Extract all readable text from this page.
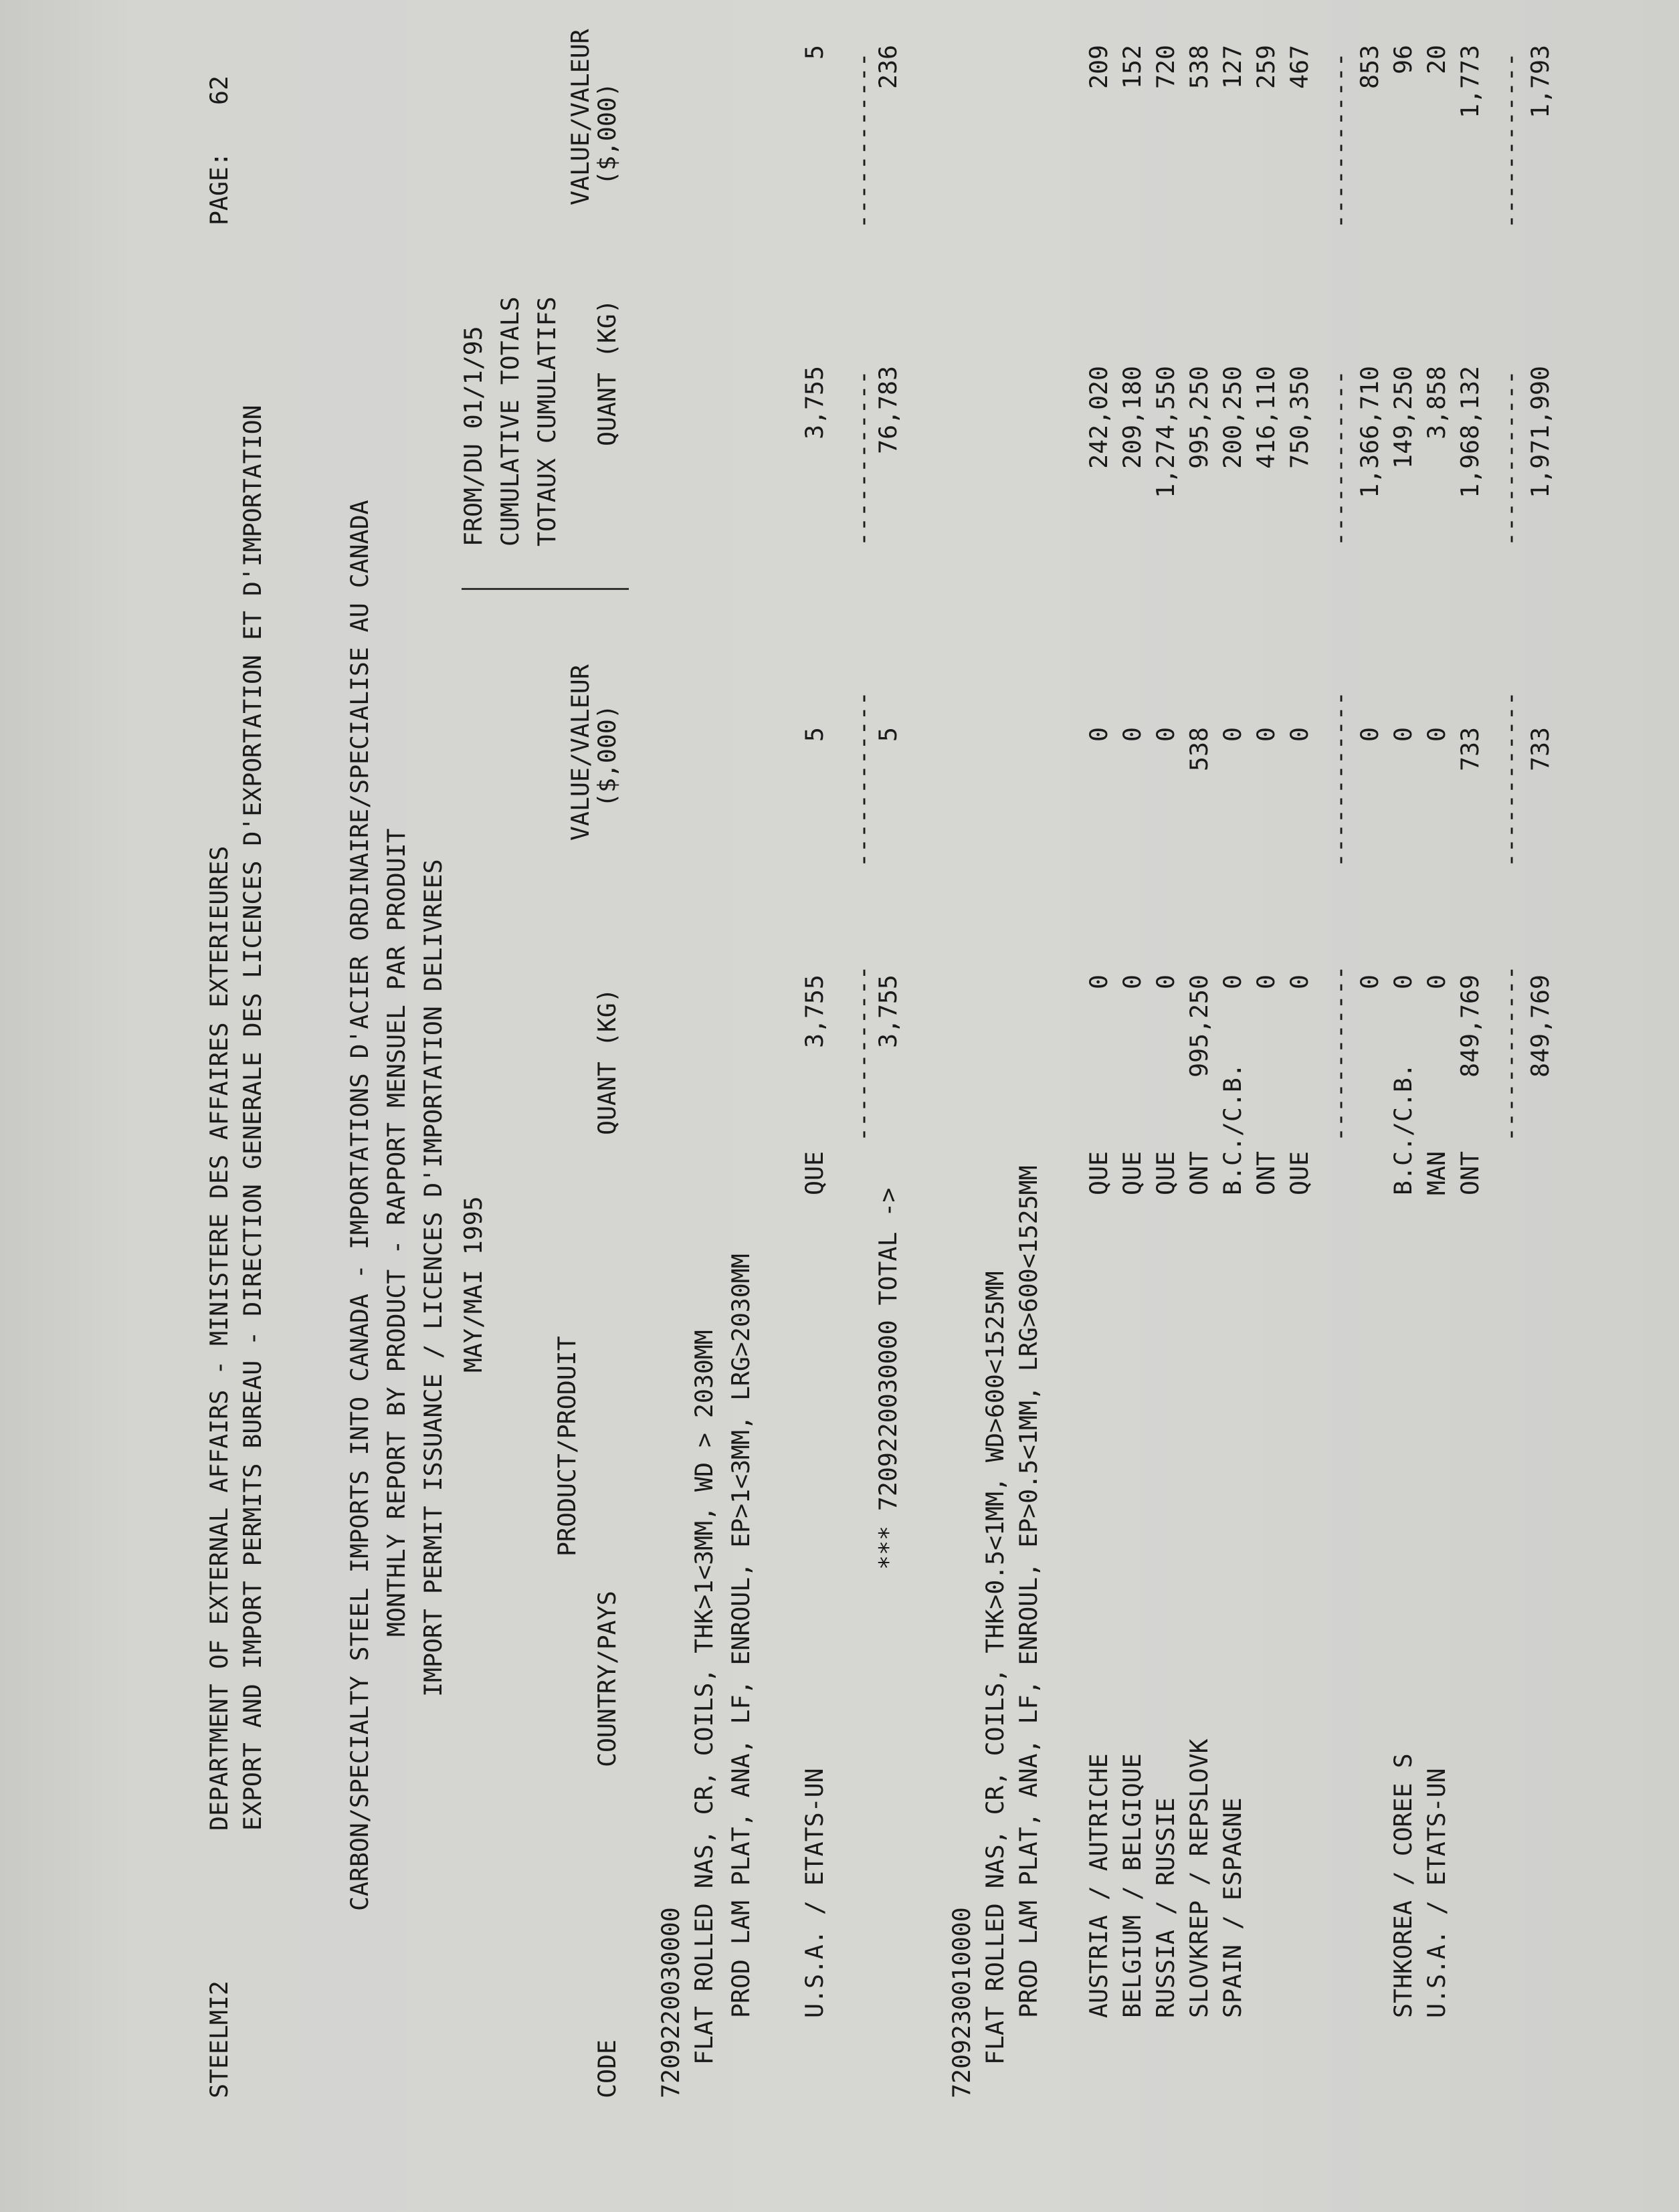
STEELMI2
DEPARTMENT OF EXTERNAL AFFAIRS - MINISTERE DES AFFAIRES EXTERIEURES EXPORT AND IMPORT PERMITS BUREAU - DIRECTION GENERALE DES LICENCES D'EXPORTATION ET D'IMPORTATION
PAGE:
62
CARBON/SPECIALTY STEEL IMPORTS INTO CANADA - IMPORTATIONS D'ACIER ORDINAIRE/SPECIALISE AU CANADA MONTHLY REPORT BY PRODUCT - RAPPORT MENSUEL PAR PRODUIT IMPORT PERMIT ISSUANCE / LICENCES D'IMPORTATION DELIVREES MAY/MAI 1995
FROM/DU 01/1/95 CUMULATIVE TOTALS TOTAUX CUMULATIFS
PRODUCT/PRODUIT
VALUE/VALEUR
VALUE/VALEUR
CODE
COUNTRY/PAYS
QUANT (KG)
($,000)
QUANT (KG)
($,000)
7209220030000 FLAT ROLLED NAS, CR, COILS, THK>1<3MM, WD > 2030MM PROD LAM PLAT, ANA, LF, ENROUL, EP>1<3MM, LRG>2030MM U.S.A. / ETATS-UN
QUE
3,755
5
3,755
5
------------
------------
------------
------------
*** 7209220030000 TOTAL ->
3,755
5
76,783
236
7209230010000 FLAT ROLLED NAS, CR, COILS, THK>0.5<1MM, WD>600<1525MM PROD LAM PLAT, ANA, LF, ENROUL, EP>0.5<1MM, LRG>600<1525MM AUSTRIA / AUTRICHE
QUE
0
0
242,020
209
BELGIUM / BELGIQUE
QUE
0
0
209,180
152
RUSSIA / RUSSIE
QUE
0
0
1,274,550
720
SLOVKREP / REPSLOVK
ONT
995,250
538
995,250
538
SPAIN / ESPAGNE
B.C./C.B.
0
0
200,250
127
ONT
0
0
416,110
259
QUE
0
0
750,350
467
------------
------------
------------
------------
0
0
1,366,710
853
STHKOREA / COREE S
B.C./C.B.
0
0
149,250
96
U.S.A. / ETATS-UN
MAN
0
0
3,858
20
ONT
849,769
733
1,968,132
1,773
------------
------------
------------
------------
849,769
733
1,971,990
1,793
